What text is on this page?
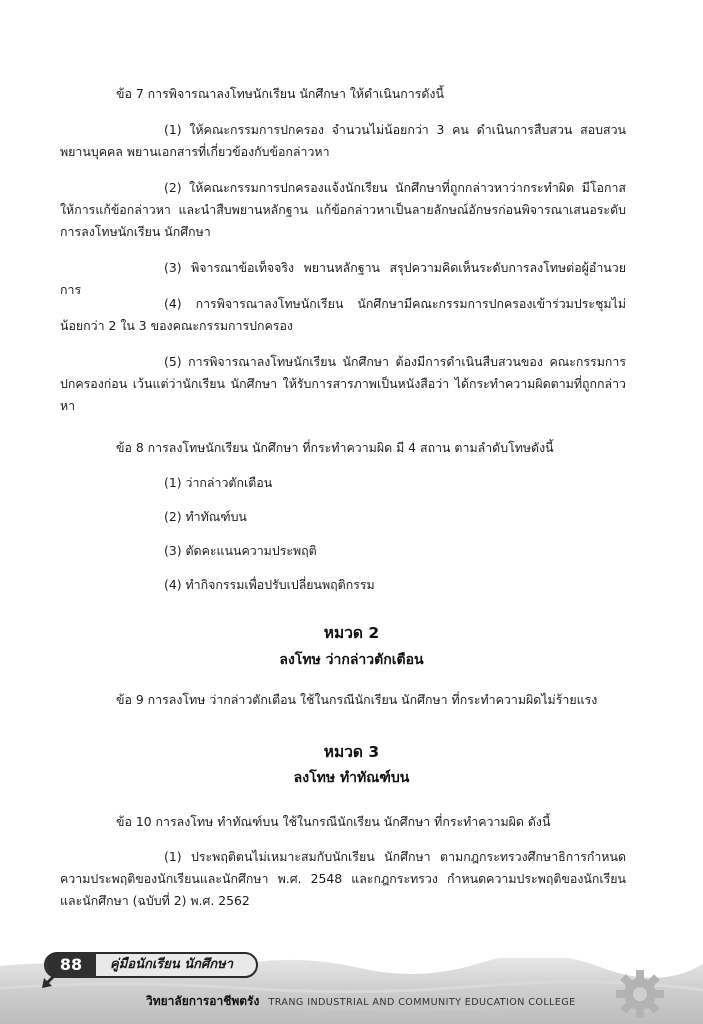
ข้อ 7 การพิจารณาลงโทษนักเรียน นักศึกษา ให้ดำเนินการดังนี้

(1) ให้คณะกรรมการปกครอง จำนวนไม่น้อยกว่า 3 คน ดำเนินการสืบสวน สอบสวน พยานบุคคล พยานเอกสารที่เกี่ยวข้องกับข้อกล่าวหา

(2) ให้คณะกรรมการปกครองแจ้งนักเรียน นักศึกษาที่ถูกกล่าวหาว่ากระทำผิด มีโอกาสให้การแก้ข้อกล่าวหา และนำสืบพยานหลักฐาน แก้ข้อกล่าวหาเป็นลายลักษณ์อักษรก่อนพิจารณาเสนอระดับการลงโทษนักเรียน นักศึกษา

(3) พิจารณาข้อเท็จจริง พยานหลักฐาน สรุปความคิดเห็นระดับการลงโทษต่อผู้อำนวยการ

(4) การพิจารณาลงโทษนักเรียน นักศึกษามีคณะกรรมการปกครองเข้าร่วมประชุมไม่น้อยกว่า 2 ใน 3 ของคณะกรรมการปกครอง

(5) การพิจารณาลงโทษนักเรียน นักศึกษา ต้องมีการดำเนินสืบสวนของ คณะกรรมการปกครองก่อน เว้นแต่ว่านักเรียน นักศึกษา ให้รับการสารภาพเป็นหนังสือว่า ได้กระทำความผิดตามที่ถูกกล่าวหา

ข้อ 8 การลงโทษนักเรียน นักศึกษา ที่กระทำความผิด มี 4 สถาน ตามลำดับโทษดังนี้

(1) ว่ากล่าวตักเตือน

(2) ทำทัณฑ์บน

(3) ตัดคะแนนความประพฤติ

(4) ทำกิจกรรมเพื่อปรับเปลี่ยนพฤติกรรม

หมวด 2
ลงโทษ ว่ากล่าวตักเตือน

ข้อ 9 การลงโทษ ว่ากล่าวตักเตือน ใช้ในกรณีนักเรียน นักศึกษา ที่กระทำความผิดไม่ร้ายแรง

หมวด 3
ลงโทษ ทำทัณฑ์บน

ข้อ 10 การลงโทษ ทำทัณฑ์บน ใช้ในกรณีนักเรียน นักศึกษา ที่กระทำความผิด ดังนี้

(1) ประพฤติตนไม่เหมาะสมกับนักเรียน นักศึกษา ตามกฎกระทรวงศึกษาธิการกำหนดความประพฤติของนักเรียนและนักศึกษา พ.ศ. 2548 และกฎกระทรวง กำหนดความประพฤติของนักเรียนและนักศึกษา (ฉบับที่ 2) พ.ศ. 2562

88	คู่มือนักเรียน นักศึกษา
วิทยาลัยการอาชีพตรัง TRANG INDUSTRIAL AND COMMUNITY EDUCATION COLLEGE
